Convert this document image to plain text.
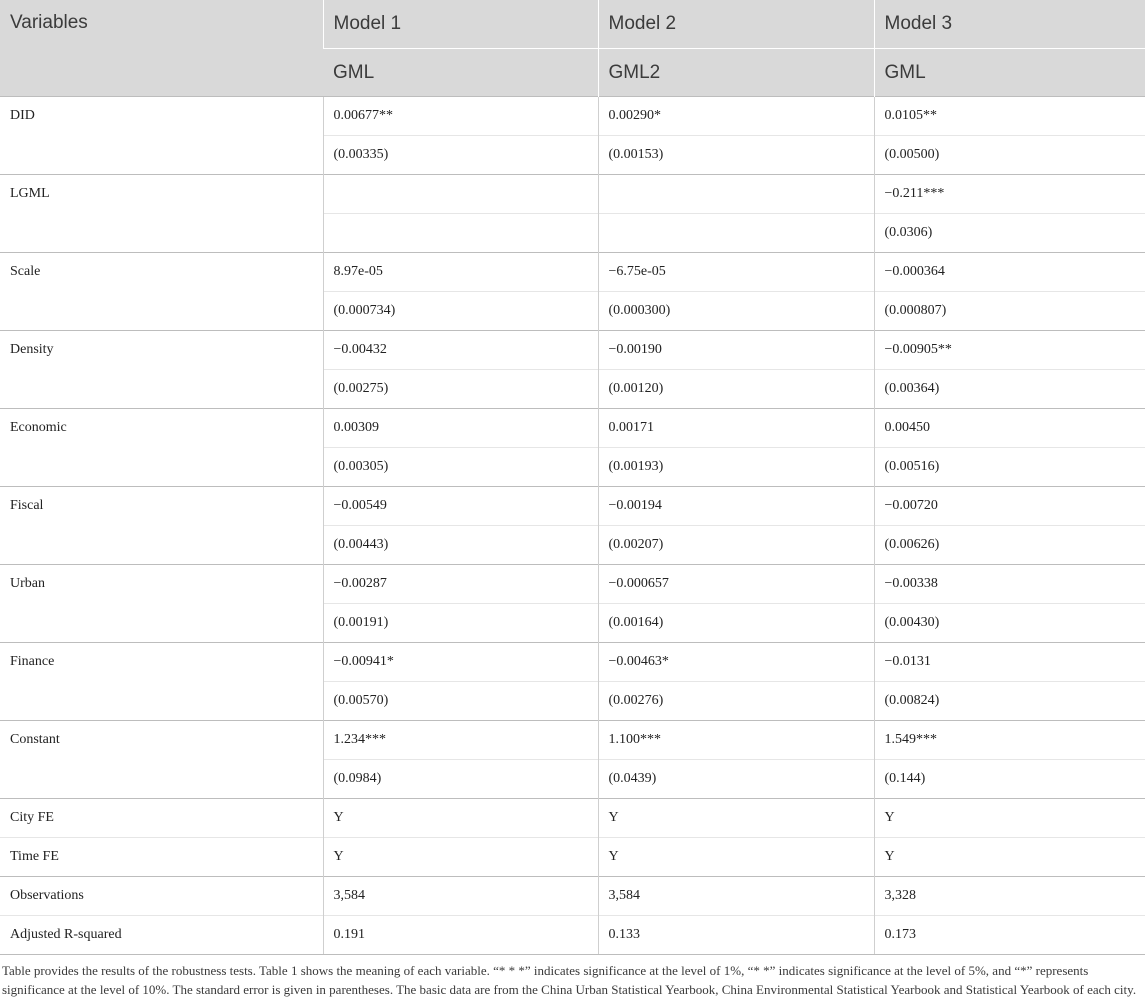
Variables	Model 1	Model 2	Model 3
	GML	GML2	GML
DID	0.00677**	0.00290*	0.0105**
	(0.00335)	(0.00153)	(0.00500)
LGML			−0.211***
			(0.0306)
Scale	8.97e-05	−6.75e-05	−0.000364
	(0.000734)	(0.000300)	(0.000807)
Density	−0.00432	−0.00190	−0.00905**
	(0.00275)	(0.00120)	(0.00364)
Economic	0.00309	0.00171	0.00450
	(0.00305)	(0.00193)	(0.00516)
Fiscal	−0.00549	−0.00194	−0.00720
	(0.00443)	(0.00207)	(0.00626)
Urban	−0.00287	−0.000657	−0.00338
	(0.00191)	(0.00164)	(0.00430)
Finance	−0.00941*	−0.00463*	−0.0131
	(0.00570)	(0.00276)	(0.00824)
Constant	1.234***	1.100***	1.549***
	(0.0984)	(0.0439)	(0.144)
City FE	Y	Y	Y
Time FE	Y	Y	Y
Observations	3,584	3,584	3,328
Adjusted R-squared	0.191	0.133	0.173

Table provides the results of the robustness tests. Table 1 shows the meaning of each variable. “* * *” indicates significance at the level of 1%, “* *” indicates significance at the level of 5%, and “*” represents significance at the level of 10%. The standard error is given in parentheses. The basic data are from the China Urban Statistical Yearbook, China Environmental Statistical Yearbook and Statistical Yearbook of each city.
